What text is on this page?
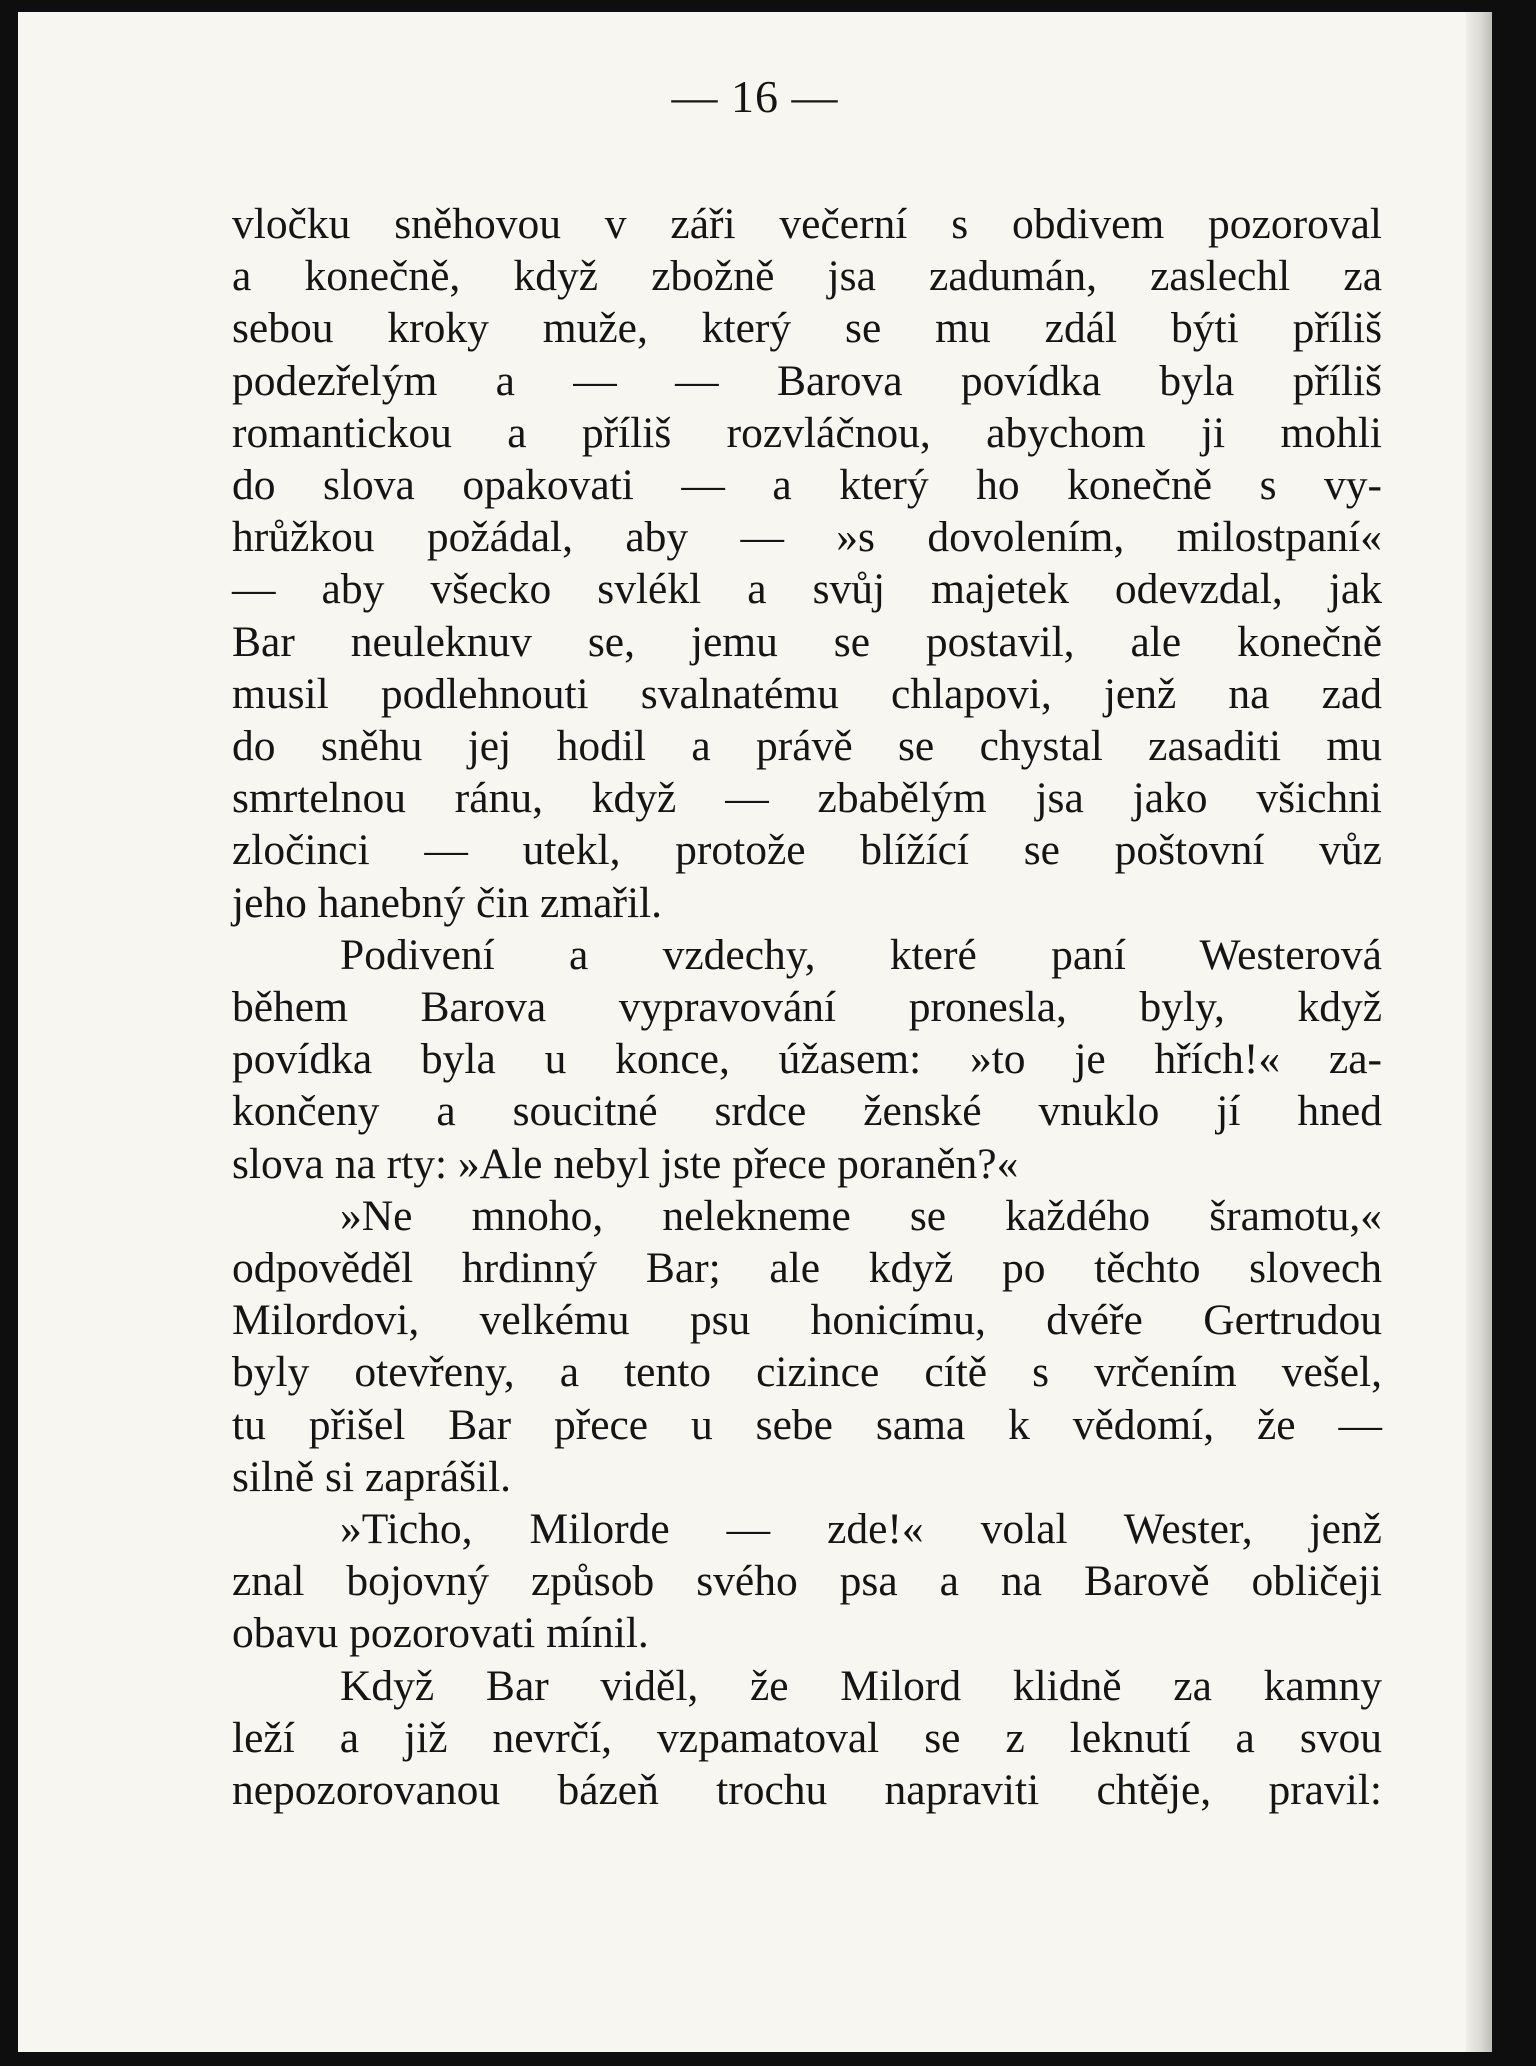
— 16 —

vločku sněhovou v záři večerní s obdivem pozoroval
a konečně, když zbožně jsa zadumán, zaslechl za
sebou kroky muže, který se mu zdál býti příliš
podezřelým a — — Barova povídka byla příliš
romantickou a příliš rozvláčnou, abychom ji mohli
do slova opakovati — a který ho konečně s vy-
hrůžkou požádal, aby — »s dovolením, milostpaní«
— aby všecko svlékl a svůj majetek odevzdal, jak
Bar neuleknuv se, jemu se postavil, ale konečně
musil podlehnouti svalnatému chlapovi, jenž na zad
do sněhu jej hodil a právě se chystal zasaditi mu
smrtelnou ránu, když — zbabělým jsa jako všichni
zločinci — utekl, protože blížící se poštovní vůz
jeho hanebný čin zmařil.

Podivení a vzdechy, které paní Westerová
během Barova vypravování pronesla, byly, když
povídka byla u konce, úžasem: »to je hřích!« za-
končeny a soucitné srdce ženské vnuklo jí hned
slova na rty: »Ale nebyl jste přece poraněn?«

»Ne mnoho, nelekneme se každého šramotu,«
odpověděl hrdinný Bar; ale když po těchto slovech
Milordovi, velkému psu honicímu, dvéře Gertrudou
byly otevřeny, a tento cizince cítě s vrčením vešel,
tu přišel Bar přece u sebe sama k vědomí, že —
silně si zaprášil.

»Ticho, Milorde — zde!« volal Wester, jenž
znal bojovný způsob svého psa a na Barově obličeji
obavu pozorovati mínil.

Když Bar viděl, že Milord klidně za kamny
leží a již nevrčí, vzpamatoval se z leknutí a svou
nepozorovanou bázeň trochu napraviti chtěje, pravil:
